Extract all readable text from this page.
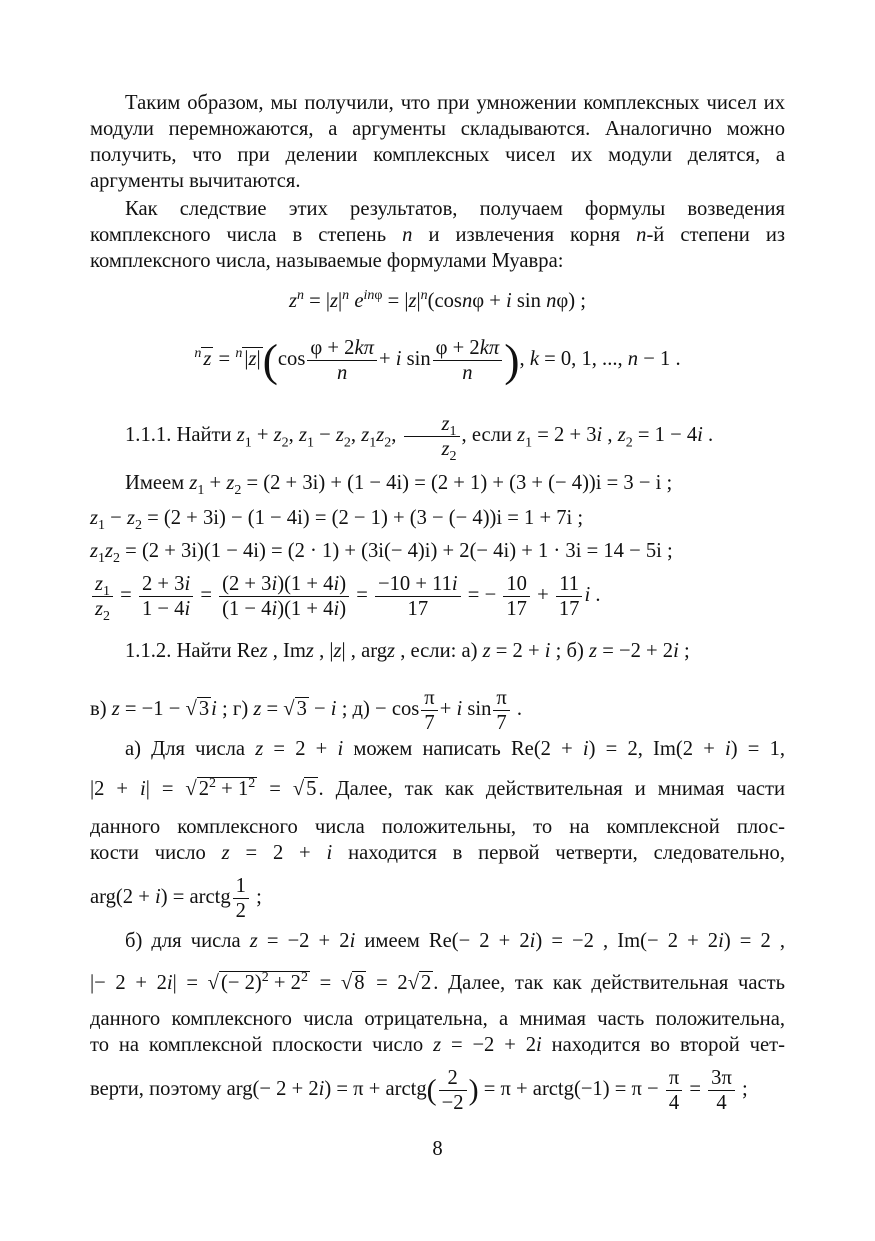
Таким образом, мы получили, что при умножении комплексных чисел их модули перемножаются, а аргументы складываются. Аналогично можно получить, что при делении комплексных чисел их модули делятся, а аргументы вычитаются.

Как следствие этих результатов, получаем формулы возведения комплексного числа в степень n и извлечения корня n-й степени из комплексного числа, называемые формулами Муавра:

$z^n = |z|^n$ $e^{in\varphi} = |z|^n(\cos n\varphi + i$ sin nφ) ;
$^nz = ^n|z|(\cos \frac{\varphi + 2k\pi}{n} + i$ $\sin \frac{\varphi + 2k\pi}{n}$ ), k = 0, 1, ..., n − 1 .
1.1.1. Найти $z_1 + z_2$, $z_1 - z_2$, $z_1z_2$, $\frac{z_1}{z_2}$ , если $z_1 = 2 + 3i$ , $z_2 = 1 - 4i$ .
Имеем $z_1 + z_2 = (2 + 3i) + (1 - 4i) = (2 + 1) + (3$ + (− 4))i = 3 − i ;
$z_1 - z_2 = (2 + 3i) - (1 - 4i) = (2 - 1) + (3$ − (− 4))i = 1 + 7i ;
$z_1z_2 = (2 + 3i)(1 - 4i) = (2 \cdot 1) + (3i(- 4)i) + 2(- 4i) + 1 \cdot 3i = 14 - 5i$ ;
$\frac{z_1}{z_2} = \frac{2 + 3i}{1 - 4i} = \frac{(2 + 3i)(1 + 4i)}{(1 - 4i)(1 + 4i)} = \frac{-10 + 11i}{17}$ = − $\frac{10}{17} + \frac{11}{17}$ i .
1.1.2. Найти Rez , Imz , |z| , argz , если: а) z = 2 + i ; б) z = −2 + 2i ;
в) z = −1 − √3i ; г) z = √3 − i ; $д) - \cos \frac{\pi}{7} + i$ $\sin \frac{\pi}{7}$ .
а) Для числа z = 2 + i можем написать Re(2 + i) = 2, Im(2 + i) = 1,
$|2 + i| = √2^2 + 1^2 = √5$. Далее, так как действительная и мнимая части
данного комплексного числа положительны, то на комплексной плос-
кости число z = 2 + i находится в первой четверти, следовательно,
arg(2 + i) = arctg $\frac{1}{2}$ ;
б) для числа z = −2 + 2i имеем Re(− 2 + 2i) = −2 , Im(− 2 + 2i) = 2 ,
|− 2 + 2i| = √(− $2)^2 + 2^2 = √8 = 2√2$. Далее, так как действительная часть
данного комплексного числа отрицательна, а мнимая часть положительна,
то на комплексной плоскости число z = −2 + 2i находится во второй чет-
верти, поэтому arg(− 2 + 2i) = π + arctg( $\frac{2}{-2}$ ) = π + arctg(−1) = $\pi - \frac{\pi}{4} = \frac{3\pi}{4}$ ;
8
